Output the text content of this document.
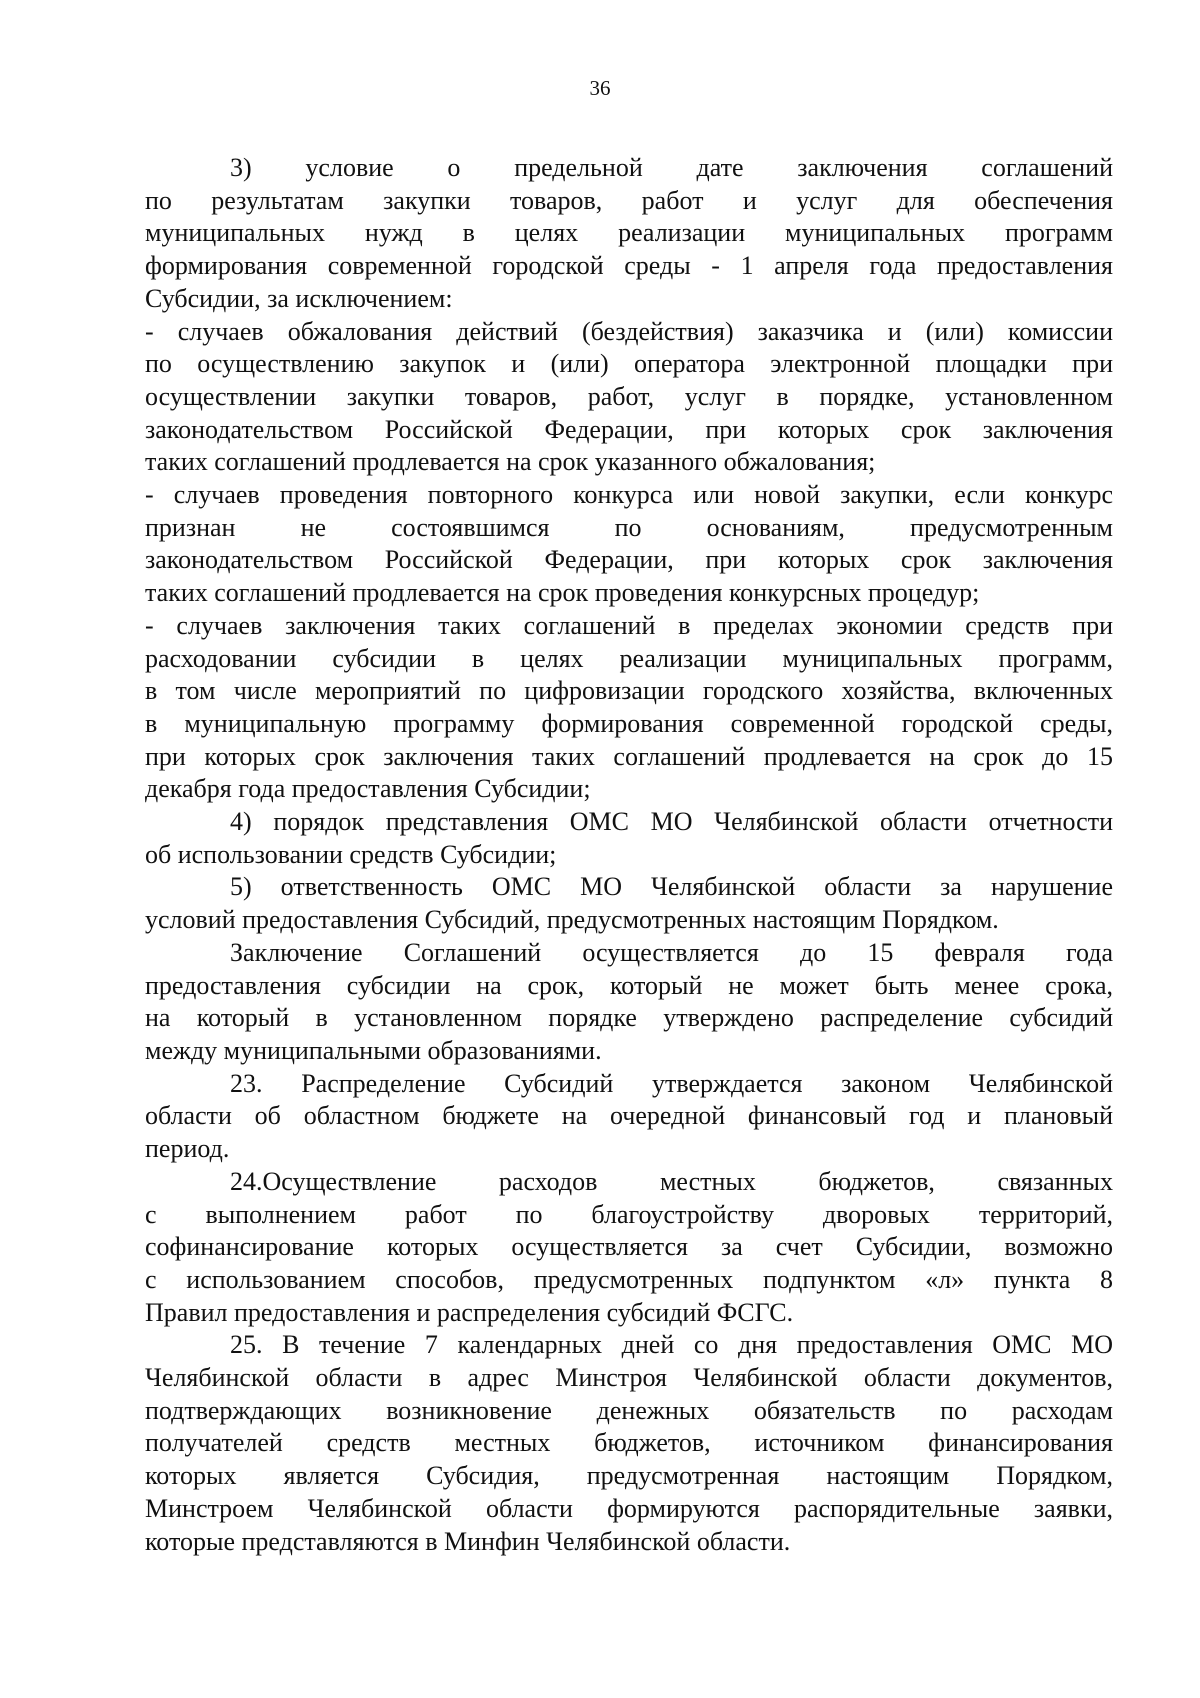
36
3) условие о предельной дате заключения соглашений
по результатам закупки товаров, работ и услуг для обеспечения
муниципальных нужд в целях реализации муниципальных программ
формирования современной городской среды - 1 апреля года предоставления
Субсидии, за исключением:
- случаев обжалования действий (бездействия) заказчика и (или) комиссии
по осуществлению закупок и (или) оператора электронной площадки при
осуществлении закупки товаров, работ, услуг в порядке, установленном
законодательством Российской Федерации, при которых срок заключения
таких соглашений продлевается на срок указанного обжалования;
- случаев проведения повторного конкурса или новой закупки, если конкурс
признан не состоявшимся по основаниям, предусмотренным
законодательством Российской Федерации, при которых срок заключения
таких соглашений продлевается на срок проведения конкурсных процедур;
- случаев заключения таких соглашений в пределах экономии средств при
расходовании субсидии в целях реализации муниципальных программ,
в том числе мероприятий по цифровизации городского хозяйства, включенных
в муниципальную программу формирования современной городской среды,
при которых срок заключения таких соглашений продлевается на срок до 15
декабря года предоставления Субсидии;
4) порядок представления ОМС МО Челябинской области отчетности
об использовании средств Субсидии;
5) ответственность ОМС МО Челябинской области за нарушение
условий предоставления Субсидий, предусмотренных настоящим Порядком.
Заключение Соглашений осуществляется до 15 февраля года
предоставления субсидии на срок, который не может быть менее срока,
на который в установленном порядке утверждено распределение субсидий
между муниципальными образованиями.
23. Распределение Субсидий утверждается законом Челябинской
области об областном бюджете на очередной финансовый год и плановый
период.
24.Осуществление расходов местных бюджетов, связанных
с выполнением работ по благоустройству дворовых территорий,
софинансирование которых осуществляется за счет Субсидии, возможно
с использованием способов, предусмотренных подпунктом «л» пункта 8
Правил предоставления и распределения субсидий ФСГС.
25. В течение 7 календарных дней со дня предоставления ОМС МО
Челябинской области в адрес Минстроя Челябинской области документов,
подтверждающих возникновение денежных обязательств по расходам
получателей средств местных бюджетов, источником финансирования
которых является Субсидия, предусмотренная настоящим Порядком,
Минстроем Челябинской области формируются распорядительные заявки,
которые представляются в Минфин Челябинской области.
